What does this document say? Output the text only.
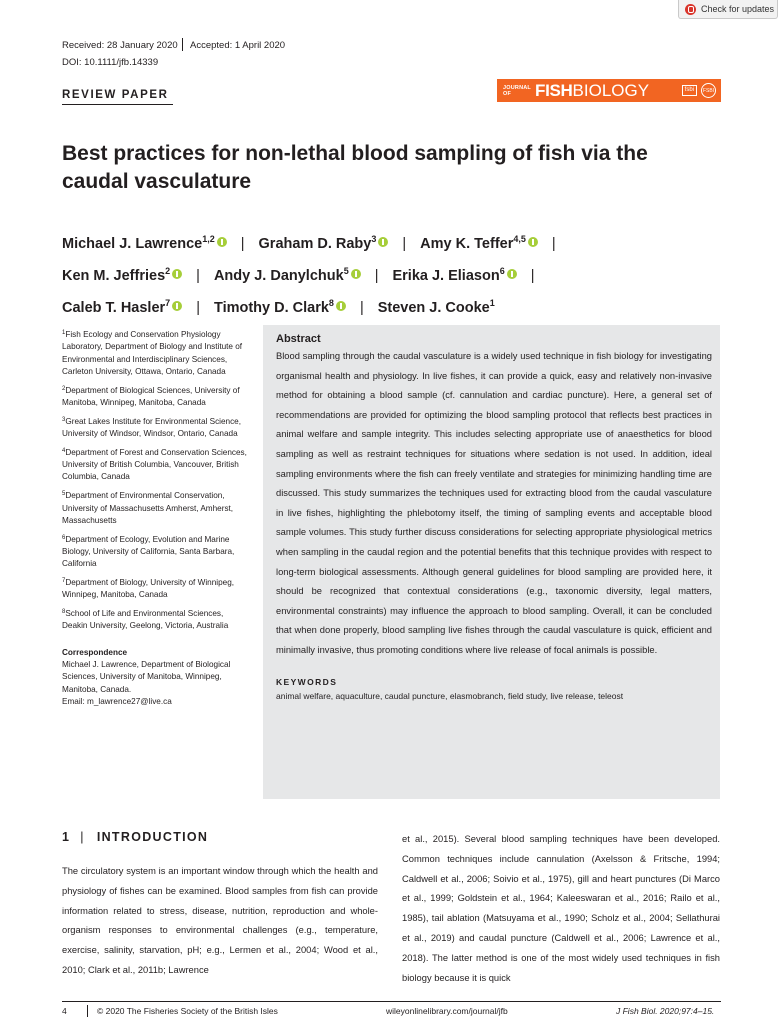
Check for updates
Received: 28 January 2020 Accepted: 1 April 2020
DOI: 10.1111/jfb.14339
REVIEW PAPER
JOURNAL OF	FISH BIOLOGY	fsbi	FSBI
Best practices for non-lethal blood sampling of fish via the caudal vasculature
Michael J. Lawrence$^{1,2}$ | Graham D. Raby$^3$ | Amy K. Teffer$^{4,5}$ |
Ken M. Jeffries$^2$ | Andy J. Danylchuk$^5$ | Erika J. Eliason$^6$ |
Caleb T. Hasler$^7$ | Timothy D. Clark$^8$ | Steven J. Cooke$^1$
$^1$Fish Ecology and Conservation Physiology Laboratory, Department of Biology and Institute of Environmental and Interdisciplinary Sciences, Carleton University, Ottawa, Ontario, Canada
$^2$Department of Biological Sciences, University of Manitoba, Winnipeg, Manitoba, Canada
$^3$Great Lakes Institute for Environmental Science, University of Windsor, Windsor, Ontario, Canada
$^4$Department of Forest and Conservation Sciences, University of British Columbia, Vancouver, British Columbia, Canada
$^5$Department of Environmental Conservation, University of Massachusetts Amherst, Amherst, Massachusetts
$^6$Department of Ecology, Evolution and Marine Biology, University of California, Santa Barbara, California
$^7$Department of Biology, University of Winnipeg, Winnipeg, Manitoba, Canada
$^8$School of Life and Environmental Sciences, Deakin University, Geelong, Victoria, Australia
Correspondence
Michael J. Lawrence, Department of Biological Sciences, University of Manitoba, Winnipeg, Manitoba, Canada.
Email: m_lawrence27@live.ca
Abstract
Blood sampling through the caudal vasculature is a widely used technique in fish biology for investigating organismal health and physiology. In live fishes, it can provide a quick, easy and relatively non-invasive method for obtaining a blood sample (cf. cannulation and cardiac puncture). Here, a general set of recommendations are provided for optimizing the blood sampling protocol that reflects best practices in animal welfare and sample integrity. This includes selecting appropriate use of anaesthetics for blood sampling as well as restraint techniques for situations where sedation is not used. In addition, ideal sampling environments where the fish can freely ventilate and strategies for minimizing handling time are discussed. This study summarizes the techniques used for extracting blood from the caudal vasculature in live fishes, highlighting the phlebotomy itself, the timing of sampling events and acceptable blood sample volumes. This study further discuss considerations for selecting appropriate physiological metrics when sampling in the caudal region and the potential benefits that this technique provides with respect to long-term biological assessments. Although general guidelines for blood sampling are provided here, it should be recognized that contextual considerations (e.g., taxonomic diversity, legal matters, environmental constraints) may influence the approach to blood sampling. Overall, it can be concluded that when done properly, blood sampling live fishes through the caudal vasculature is quick, efficient and minimally invasive, thus promoting conditions where live release of focal animals is possible.
KEYWORDS
animal welfare, aquaculture, caudal puncture, elasmobranch, field study, live release, teleost
1 | INTRODUCTION
The circulatory system is an important window through which the health and physiology of fishes can be examined. Blood samples from fish can provide information related to stress, disease, nutrition, reproduction and whole-organism responses to environmental challenges (e.g., temperature, exercise, salinity, starvation, pH; e.g., Lermen et al., 2004; Wood et al., 2010; Clark et al., 2011b; Lawrence
et al., 2015). Several blood sampling techniques have been developed. Common techniques include cannulation (Axelsson & Fritsche, 1994; Caldwell et al., 2006; Soivio et al., 1975), gill and heart punctures (Di Marco et al., 1999; Goldstein et al., 1964; Kaleeswaran et al., 2016; Railo et al., 1985), tail ablation (Matsuyama et al., 1990; Scholz et al., 2004; Sellathurai et al., 2019) and caudal puncture (Caldwell et al., 2006; Lawrence et al., 2018). The latter method is one of the most widely used techniques in fish biology because it is quick
4	© 2020 The Fisheries Society of the British Isles	wileyonlinelibrary.com/journal/jfb	J Fish Biol. 2020;97:4–15.
